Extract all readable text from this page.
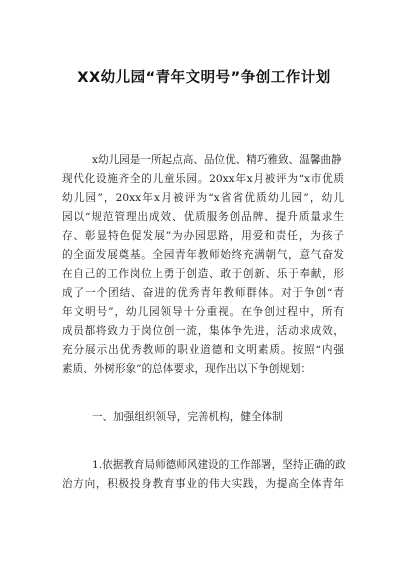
XX幼儿园“青年文明号”争创工作计划
x幼儿园是一所起点高、品位优、精巧雅致、温馨曲静
现代化设施齐全的儿童乐园。20xx年x月被评为“x市优质
幼儿园”，20xx年x月被评为“x省省优质幼儿园”，幼儿
园以“规范管理出成效、优质服务创品牌、提升质量求生
存、彰显特色促发展”为办园思路，用爱和责任，为孩子
的全面发展奠基。全园青年教师始终充满朝气，意气奋发
在自己的工作岗位上勇于创造、敢于创新、乐于奉献，形
成了一个团结、奋进的优秀青年教师群体。对于争创“青
年文明号”，幼儿园领导十分重视。在争创过程中，所有
成员都将致力于岗位创一流，集体争先进，活动求成效，
充分展示出优秀教师的职业道德和文明素质。按照“内强
素质、外树形象”的总体要求，现作出以下争创规划：
一、加强组织领导，完善机构，健全体制
1.依据教育局师德师风建设的工作部署，坚持正确的政
治方向，积极投身教育事业的伟大实践，为提高全体青年
